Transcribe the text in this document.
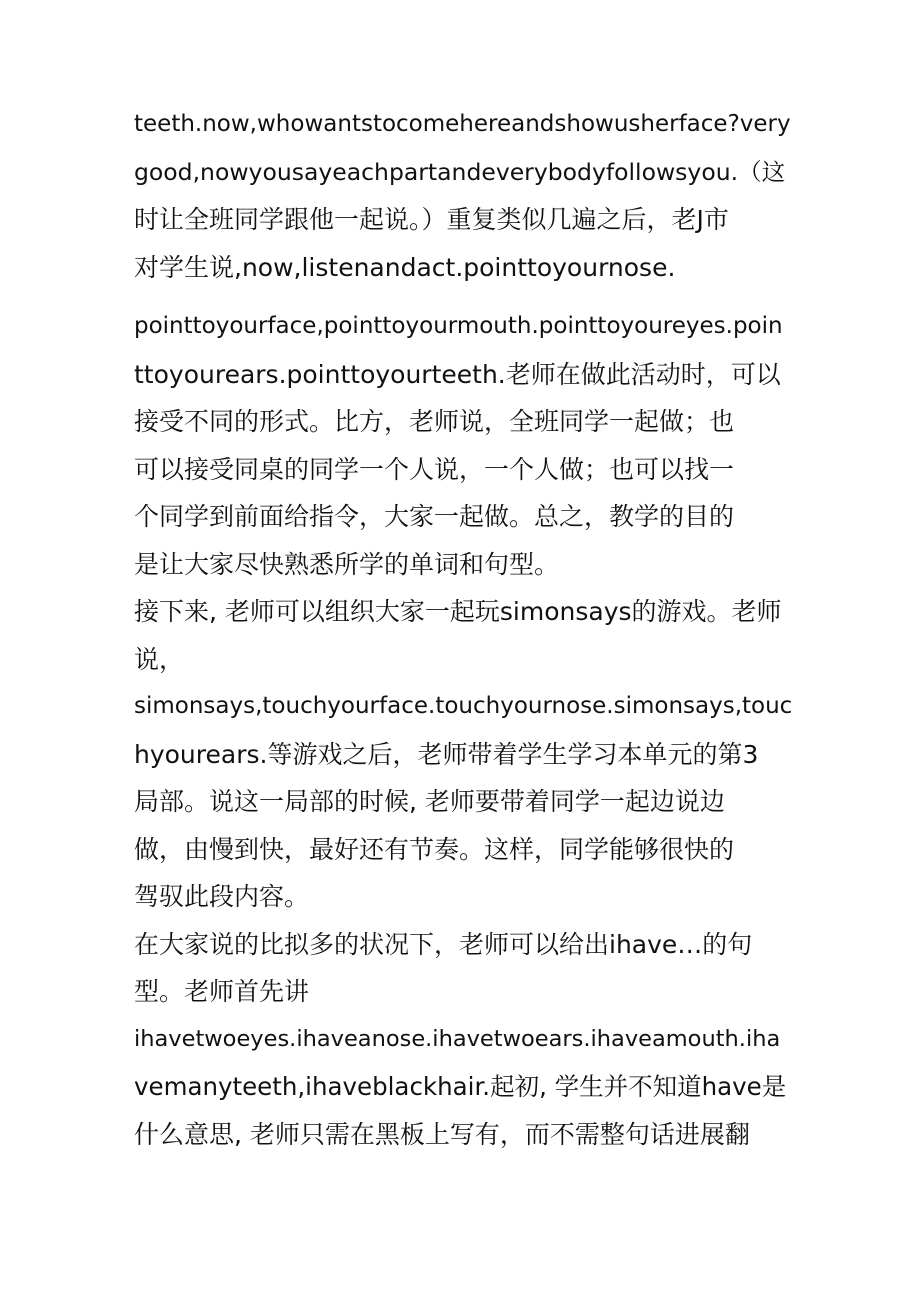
teeth.now,whowantstocomehereandshowusherface?very
good,nowyousayeachpartandeverybodyfollowsyou.（这
时让全班同学跟他一起说。）重复类似几遍之后，老J市
对学生说,now,listenandact.pointtoyournose.
pointtoyourface,pointtoyourmouth.pointtoyoureyes.poin
ttoyourears.pointtoyourteeth.老师在做此活动时，可以
接受不同的形式。比方，老师说，全班同学一起做；也
可以接受同桌的同学一个人说，一个人做；也可以找一
个同学到前面给指令，大家一起做。总之，教学的目的
是让大家尽快熟悉所学的单词和句型。
接下来, 老师可以组织大家一起玩simonsays的游戏。老师
说，
simonsays,touchyourface.touchyournose.simonsays,touc
hyourears.等游戏之后，老师带着学生学习本单元的第3
局部。说这一局部的时候, 老师要带着同学一起边说边
做，由慢到快，最好还有节奏。这样，同学能够很快的
驾驭此段内容。
在大家说的比拟多的状况下，老师可以给出ihave…的句
型。老师首先讲
ihavetwoeyes.ihaveanose.ihavetwoears.ihaveamouth.iha
vemanyteeth,ihaveblackhair.起初, 学生并不知道have是
什么意思, 老师只需在黑板上写有，而不需整句话进展翻
